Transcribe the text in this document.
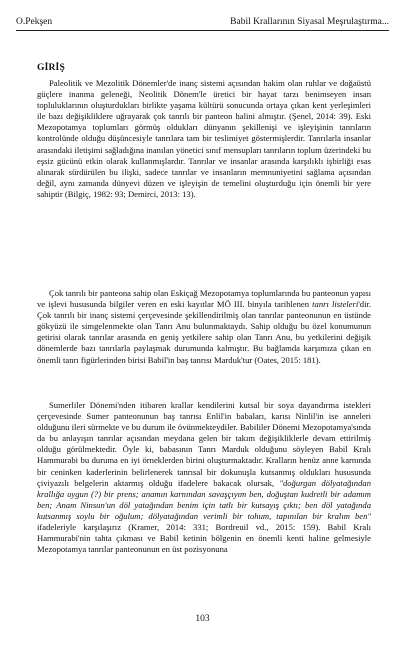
O.Pekşen	Babil Krallarının Siyasal Meşrulaştırma...
GİRİŞ

Paleolitik ve Mezolitik Dönemler'de inanç sistemi açısından hakim olan ruhlar ve doğaüstü güçlere inanma geleneği, Neolitik Dönem'le üretici bir hayat tarzı benimseyen insan topluluklarının oluşturdukları birlikte yaşama kültürü sonucunda ortaya çıkan kent yerleşimleri ile bazı değişikliklere uğrayarak çok tanrılı bir panteon halini almıştır. (Şenel, 2014: 39). Eski Mezopotamya toplumları görmüş oldukları dünyanın şekillenişi ve işleyişinin tanrıların kontrolünde olduğu düşüncesiyle tanrılara tam bir teslimiyet göstermişlerdir. Tanrılarla insanlar arasındaki iletişimi sağladığına inanılan yönetici sınıf mensupları tanrıların toplum üzerindeki bu eşsiz gücünü etkin olarak kullanmışlardır. Tanrılar ve insanlar arasında karşılıklı işbirliği esas alınarak sürdürülen bu ilişki, sadece tanrılar ve insanların memnuniyetini sağlama açısından değil, aynı zamanda dünyevi düzen ve işleyişin de temelini oluşturduğu için önemli bir yere sahiptir (Bilgiç, 1982: 93; Demirci, 2013: 13).

Çok tanrılı bir panteona sahip olan Eskiçağ Mezopotamya toplumlarında bu panteonun yapısı ve işlevi hususunda bilgiler veren en eski kayıtlar MÖ III. binyıla tarihlenen tanrı listeleri'dir. Çok tanrılı bir inanç sistemi çerçevesinde şekillendirilmiş olan tanrılar panteonunun en üstünde gökyüzü ile simgelenmekte olan Tanrı Anu bulunmaktaydı. Sahip olduğu bu özel konumunun getirisi olarak tanrılar arasında en geniş yetkilere sahip olan Tanrı Anu, bu yetkilerini değişik dönemlerde bazı tanrılarla paylaşmak durumunda kalmıştır. Bu bağlamda karşımıza çıkan en önemli tanrı figürlerinden birisi Babil'in baş tanrısı Marduk'tur (Oates, 2015: 181).

Sumerliler Dönemi'nden itibaren krallar kendilerini kutsal bir soya dayandırma istekleri çerçevesinde Sumer panteonunun baş tanrısı Enlil'in babaları, karısı Ninlil'in ise anneleri olduğunu ileri sürmekte ve bu durum ile övünmekteydiler. Babililer Dönemi Mezopotamya'sında da bu anlayışın tanrılar açısından meydana gelen bir takım değişikliklerle devam ettirilmiş olduğu görülmektedir. Öyle ki, babasının Tanrı Marduk olduğunu söyleyen Babil Kralı Hammurabi bu duruma en iyi örneklerden birini oluşturmaktadır. Kralların henüz anne karnında bir ceninken kaderlerinin belirlenerek tanrısal bir dokunuşla kutsanmış oldukları hususunda çiviyazılı belgelerin aktarmış olduğu ifadelere bakacak olursak, "doğurgan dölyatağından krallığa uygun (?) bir prens; anamın karnından savaşçıyım ben, doğuştan kudretli bir adamım ben; Anam Ninsun'un döl yatağından benim için tatlı bir kutsayış çıktı; ben döl yatağında kutsanmış soylu bir oğulum; dölyatağından verimli bir tohum, tapınılan bir kralım ben" ifadeleriyle karşılaşırız (Kramer, 2014: 331; Bordreuil vd., 2015: 159). Babil Kralı Hammurabi'nin tahta çıkması ve Babil ketinin bölgenin en önemli kenti haline gelmesiyle Mezopotamya tanrılar panteonunun en üst pozisyonuna

103
